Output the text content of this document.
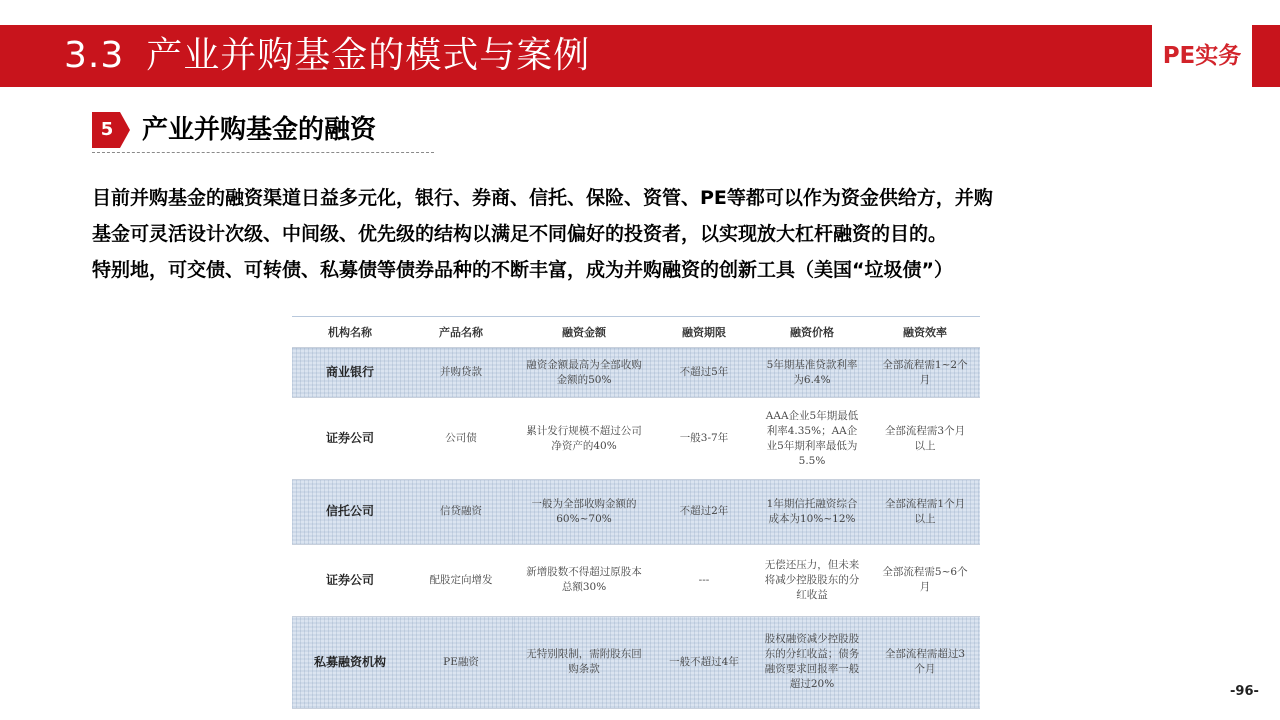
3.3 产业并购基金的模式与案例	PE实务
5	产业并购基金的融资

目前并购基金的融资渠道日益多元化，银行、券商、信托、保险、资管、PE等都可以作为资金供给方，并购

基金可灵活设计次级、中间级、优先级的结构以满足不同偏好的投资者，以实现放大杠杆融资的目的。

特别地，可交债、可转债、私募债等债券品种的不断丰富，成为并购融资的创新工具（美国“垃圾债”）

机构名称	产品名称	融资金额	融资期限	融资价格	融资效率
商业银行	并购贷款	融资金额最高为全部收购金额的50%	不超过5年	5年期基准贷款利率为6.4%	全部流程需1~2个月
证券公司	公司债	累计发行规模不超过公司净资产的40%	一般3-7年	AAA企业5年期最低利率4.35%；AA企业5年期利率最低为5.5%	全部流程需3个月以上
信托公司	信贷融资	一般为全部收购金额的60%~70%	不超过2年	1年期信托融资综合成本为10%~12%	全部流程需1个月以上
证券公司	配股定向增发	新增股数不得超过原股本总额30%	---	无偿还压力，但未来将减少控股股东的分红收益	全部流程需5~6个月
私募融资机构	PE融资	无特别限制，需附股东回购条款	一般不超过4年	股权融资减少控股股东的分红收益；债务融资要求回报率一般超过20%	全部流程需超过3个月
-96-
